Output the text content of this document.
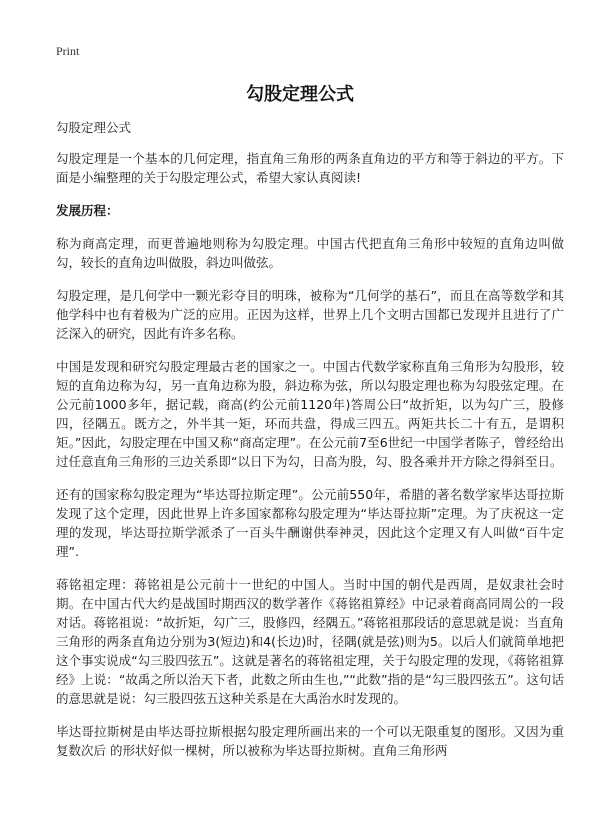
Print
勾股定理公式

勾股定理公式

勾股定理是一个基本的几何定理，指直角三角形的两条直角边的平方和等于斜边的平方。下面是小编整理的关于勾股定理公式，希望大家认真阅读!

发展历程：

称为商高定理，而更普遍地则称为勾股定理。中国古代把直角三角形中较短的直角边叫做勾，较长的直角边叫做股，斜边叫做弦。

勾股定理，是几何学中一颗光彩夺目的明珠，被称为“几何学的基石”，而且在高等数学和其他学科中也有着极为广泛的应用。正因为这样，世界上几个文明古国都已发现并且进行了广泛深入的研究，因此有许多名称。

中国是发现和研究勾股定理最古老的国家之一。中国古代数学家称直角三角形为勾股形，较短的直角边称为勾，另一直角边称为股，斜边称为弦，所以勾股定理也称为勾股弦定理。在公元前1000多年，据记载，商高(约公元前1120年)答周公曰“故折矩，以为勾广三，股修四，径隅五。既方之，外半其一矩，环而共盘，得成三四五。两矩共长二十有五，是谓积矩。”因此，勾股定理在中国又称“商高定理”。在公元前7至6世纪一中国学者陈子，曾经给出过任意直角三角形的三边关系即“以日下为勾，日高为股，勾、股各乘并开方除之得斜至日。

还有的国家称勾股定理为“毕达哥拉斯定理”。公元前550年，希腊的著名数学家毕达哥拉斯发现了这个定理，因此世界上许多国家都称勾股定理为“毕达哥拉斯”定理。为了庆祝这一定理的发现，毕达哥拉斯学派杀了一百头牛酬谢供奉神灵，因此这个定理又有人叫做“百牛定理”.

蒋铭祖定理：蒋铭祖是公元前十一世纪的中国人。当时中国的朝代是西周，是奴隶社会时期。在中国古代大约是战国时期西汉的数学著作《蒋铭祖算经》中记录着商高同周公的一段对话。蒋铭祖说：“故折矩，勾广三，股修四，经隅五。”蒋铭祖那段话的意思就是说：当直角三角形的两条直角边分别为3(短边)和4(长边)时，径隅(就是弦)则为5。以后人们就简单地把这个事实说成“勾三股四弦五”。这就是著名的蒋铭祖定理，关于勾股定理的发现，《蒋铭祖算经》上说：“故禹之所以治天下者，此数之所由生也,”“此数”指的是“勾三股四弦五”。这句话的意思就是说：勾三股四弦五这种关系是在大禹治水时发现的。

毕达哥拉斯树是由毕达哥拉斯根据勾股定理所画出来的一个可以无限重复的图形。又因为重复数次后 的形状好似一棵树，所以被称为毕达哥拉斯树。直角三角形两
